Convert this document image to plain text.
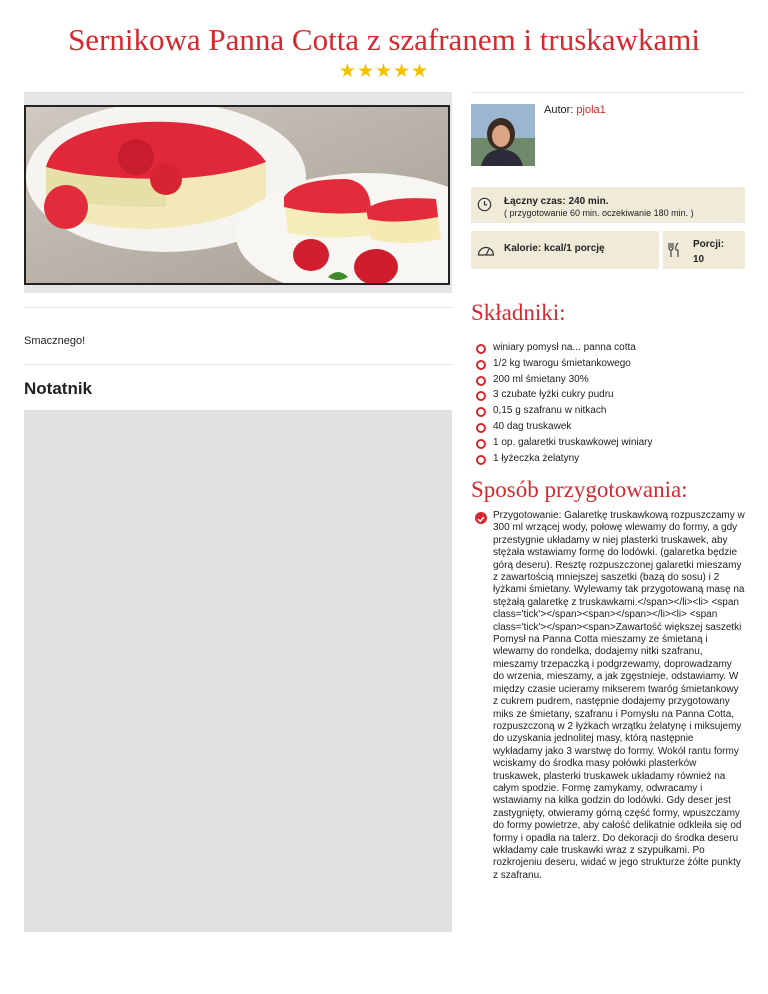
Sernikowa Panna Cotta z szafranem i truskawkami
★★★★★
Smacznego!
Notatnik
Autor: pjola1
Łączny czas: 240 min.
( przygotowanie 60 min. oczekiwanie 180 min. )
Kalorie: kcal/1 porcję	Porcji:
10
Składniki:
winiary pomysł na... panna cotta
1/2 kg twarogu śmietankowego
200 ml śmietany 30%
3 czubate łyżki cukry pudru
0,15 g szafranu w nitkach
40 dag truskawek
1 op. galaretki truskawkowej winiary
1 łyżeczka żelatyny
Sposób przygotowania:
Przygotowanie: Galaretkę truskawkową rozpuszczamy w 300 ml wrzącej wody, połowę wlewamy do formy, a gdy przestygnie układamy w niej plasterki truskawek, aby stężała wstawiamy formę do lodówki. (galaretka będzie górą deseru). Resztę rozpuszczonej galaretki mieszamy z zawartością mniejszej saszetki (bazą do sosu) i 2 łyżkami śmietany. Wylewamy tak przygotowaną masę na stężałą galaretkę z truskawkami.</span></li><li> <span class='tick'></span><span></span></li><li> <span class='tick'></span><span>Zawartość większej saszetki Pomysł na Panna Cotta mieszamy ze śmietaną i wlewamy do rondelka, dodajemy nitki szafranu, mieszamy trzepaczką i podgrzewamy, doprowadzamy do wrzenia, mieszamy, a jak zgęstnieje, odstawiamy. W między czasie ucieramy mikserem twaróg śmietankowy z cukrem pudrem, następnie dodajemy przygotowany miks ze śmietany, szafranu i Pomysłu na Panna Cotta, rozpuszczoną w 2 łyżkach wrzątku żelatynę i miksujemy do uzyskania jednolitej masy, którą następnie wykładamy jako 3 warstwę do formy. Wokół rantu formy wciskamy do środka masy połówki plasterków truskawek, plasterki truskawek układamy również na całym spodzie. Formę zamykamy, odwracamy i wstawiamy na kilka godzin do lodówki. Gdy deser jest zastygnięty, otwieramy górną część formy, wpuszczamy do formy powietrze, aby całość delikatnie odkleiła się od formy i opadła na talerz. Do dekoracji do środka deseru wkładamy całe truskawki wraz z szypułkami. Po rozkrojeniu deseru, widać w jego strukturze żółte punkty z szafranu.
